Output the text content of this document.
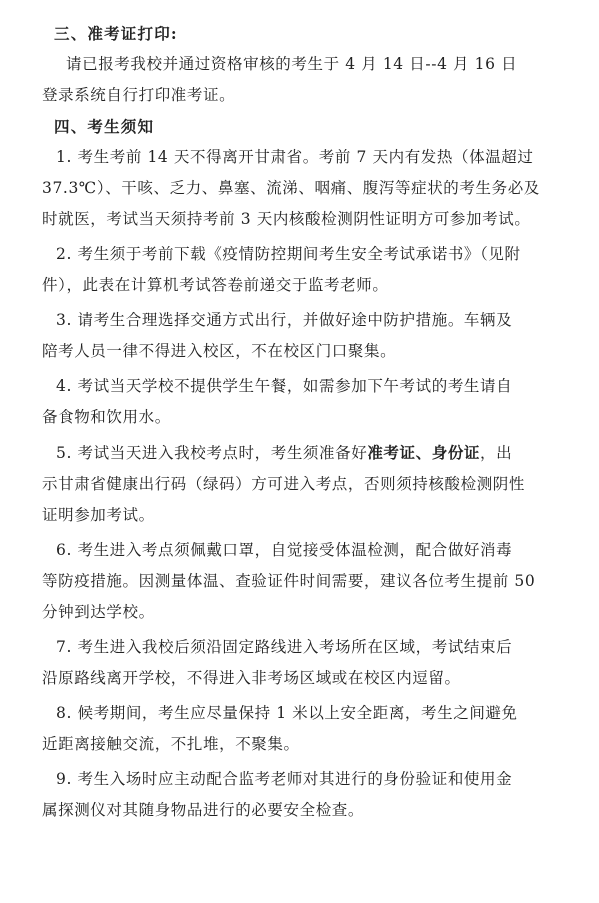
三、准考证打印:
请已报考我校并通过资格审核的考生于 4 月 14 日--4 月 16 日
登录系统自行打印准考证。
四、考生须知
1. 考生考前 14 天不得离开甘肃省。考前 7 天内有发热（体温超过
37.3℃）、干咳、乏力、鼻塞、流涕、咽痛、腹泻等症状的考生务必及
时就医，考试当天须持考前 3 天内核酸检测阴性证明方可参加考试。
2. 考生须于考前下载《疫情防控期间考生安全考试承诺书》（见附
件），此表在计算机考试答卷前递交于监考老师。
3. 请考生合理选择交通方式出行，并做好途中防护措施。车辆及
陪考人员一律不得进入校区，不在校区门口聚集。
4. 考试当天学校不提供学生午餐，如需参加下午考试的考生请自
备食物和饮用水。
5. 考试当天进入我校考点时，考生须准备好准考证、身份证，出
示甘肃省健康出行码（绿码）方可进入考点，否则须持核酸检测阴性
证明参加考试。
6. 考生进入考点须佩戴口罩，自觉接受体温检测，配合做好消毒
等防疫措施。因测量体温、查验证件时间需要，建议各位考生提前 50
分钟到达学校。
7. 考生进入我校后须沿固定路线进入考场所在区域，考试结束后
沿原路线离开学校，不得进入非考场区域或在校区内逗留。
8. 候考期间，考生应尽量保持 1 米以上安全距离，考生之间避免
近距离接触交流，不扎堆，不聚集。
9. 考生入场时应主动配合监考老师对其进行的身份验证和使用金
属探测仪对其随身物品进行的必要安全检查。
